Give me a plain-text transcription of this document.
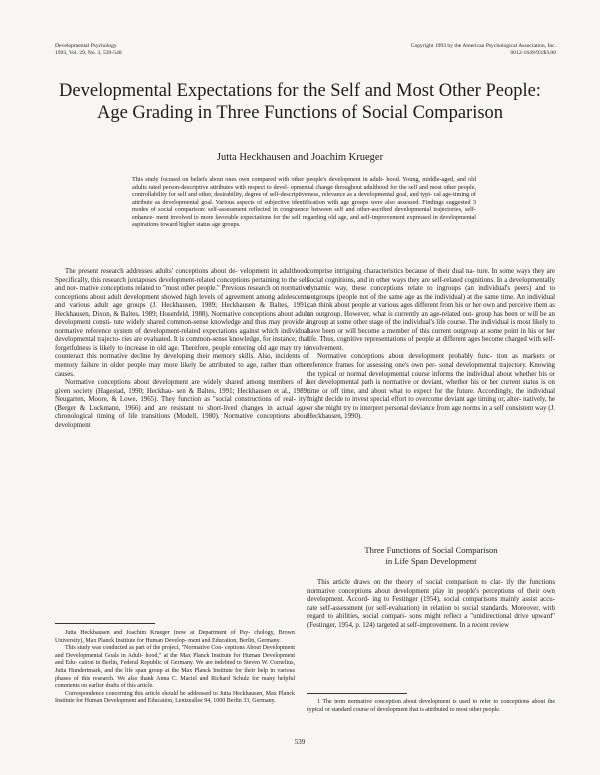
Developmental Psychology
1993, Vol. 29, No. 3, 539-548
Copyright 1993 by the American Psychological Association, Inc.
0012-1649/93/$3.00
Developmental Expectations for the Self and Most Other People:
Age Grading in Three Functions of Social Comparison
Jutta Heckhausen and Joachim Krueger
This study focused on beliefs about ones own compared with other people's development in adult- hood. Young, middle-aged, and old adults rated person-descriptive attributes with respect to devel- opmental change throughout adulthood for the self and most other people, controllability for self and other, desirability, degree of self-descriptiveness, relevance as a developmental goal, and typi- cal age-timing of attribute as developmental goal. Various aspects of subjective identification with age groups were also assessed. Findings suggested 3 modes of social comparison: self-assessment reflected in congruence between self and other-ascribed developmental trajectories, self-enhance- ment involved to more favorable expectations for the self regarding old age, and self-improvement expressed in developmental aspirations toward higher status age groups.

The present research addresses adults' conceptions about de- velopment in adulthood. Specifically, this research juxtaposes development-related conceptions pertaining to the self and nor- mative conceptions related to "most other people." Previous research on normative conceptions about adult development showed high levels of agreement among adolescents and various adult age groups (J. Heckhausen, 1989; Heckhausen & Baltes, 1991; Heckhausen, Dixon, & Baltes, 1989; Hosenfeld, 1988). Normative conceptions about adult development consti- tute widely shared common-sense knowledge and thus may provide a normative reference system of development-related expectations against which individual developmental trajecto- ries are evaluated. It is common-sense knowledge, for instance, that forgetfulness is likely to increase in old age. Therefore, people entering old age may try to counteract this normative decline by developing their memory skills. Also, incidents of memory failure in older people may more likely be attributed to age, rather than other causes.

Normative conceptions about development are widely shared among members of a given society (Hagestad, 1990; Heckhau- sen & Baltes, 1991; Heckhausen et al., 1989; Neugarten, Moore, & Lowe, 1965). They function as "social constructions of real- ity" (Berger & Luckmann, 1966) and are resistant to short-lived changes in actual age-chronological timing of life transitions (Modell, 1980). Normative conceptions about development

comprise intriguing characteristics because of their dual na- ture. In some ways they are social cognitions, and in other ways they are self-related cognitions. In a developmentally dynamic way, these conceptions relate to ingroups (an individual's peers) and to outgroups (people not of the same age as the individual) at the same time. An individual can think about people at various ages different from his or her own and perceive them as an outgroup. However, what is currently an age-related out- group has been or will be an ingroup at some other stage of the individual's life course. The individual is most likely to have been or will become a member of this current outgroup at some point in his or her life. Thus, cognitive representations of people at different ages become charged with self-involvement.

Normative conceptions about development probably func- tion as markers or reference frames for assessing one's own per- sonal developmental trajectory. Knowing the typical or normal developmental course informs the individual about whether his or her developmental path is normative or deviant, whether his or her current status is on time or off time, and about what to expect for the future. Accordingly, the individual might decide to invest special effort to overcome deviant age timing or, alter- natively, he or she might try to interpret personal deviance from age norms in a self consistent way (J. Heckhausen, 1990).

Three Functions of Social Comparison
in Life Span Development

This article draws on the theory of social comparison to clar- ify the functions normative conceptions about development play in people's perceptions of their own development. Accord- ing to Festinger (1954), social comparisons mainly assist accu- rate self-assessment (or self-evaluation) in relation to social standards. Moreover, with regard to abilities, social compari- sons might reflect a "unidirectional drive upward" (Festinger, 1954, p. 124) targeted at self-improvement. In a recent review

Jutta Heckhausen and Joachim Krueger (now at Department of Psy- chology, Brown University), Max Planck Institute for Human Develop- ment and Education, Berlin, Germany.

This study was conducted as part of the project, "Normative Con- ceptions About Development and Developmental Goals in Adult- hood," at the Max Planck Institute for Human Development and Edu- cation in Berlin, Federal Republic of Germany. We are indebted to Steven W. Cornelius, Jutta Hundertmark, and the life span group at the Max Planck Institute for their help in various phases of this research. We also thank Anna C. Maciel and Richard Schulz for many helpful comments on earlier drafts of this article.

Correspondence concerning this article should be addressed to Jutta Heckhausen, Max Planck Institute for Human Development and Education, Lentzeallee 94, 1000 Berlin 33, Germany.	1 The term normative conception about development is used to refer to conceptions about the typical or standard course of development that is attributed to most other people.

539
